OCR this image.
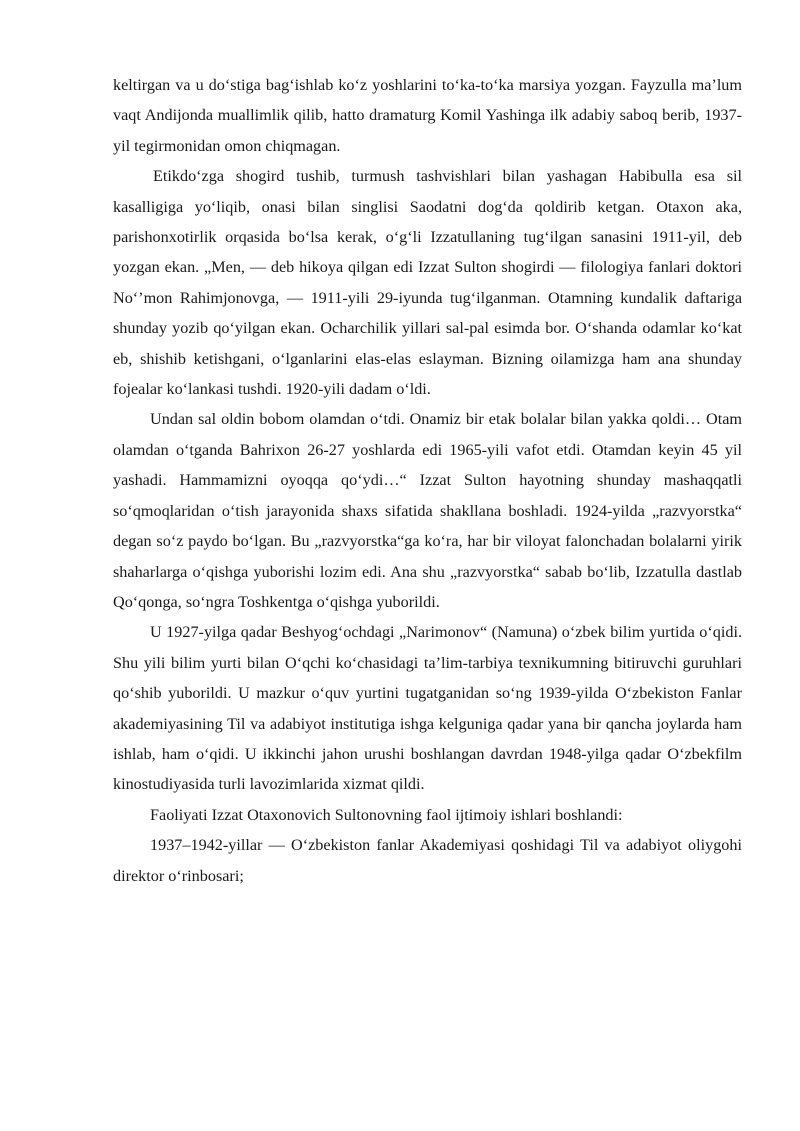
keltirgan va u do‘stiga bag‘ishlab ko‘z yoshlarini to‘ka-to‘ka marsiya yozgan. Fayzulla ma’lum vaqt Andijonda muallimlik qilib, hatto dramaturg Komil Yashinga ilk adabiy saboq berib, 1937-yil tegirmonidan omon chiqmagan.

Etikdo‘zga shogird tushib, turmush tashvishlari bilan yashagan Habibulla esa sil kasalligiga yo‘liqib, onasi bilan singlisi Saodatni dog‘da qoldirib ketgan. Otaxon aka, parishonxotirlik orqasida bo‘lsa kerak, o‘g‘li Izzatullaning tug‘ilgan sanasini 1911-yil, deb yozgan ekan. „Men, — deb hikoya qilgan edi Izzat Sulton shogirdi — filologiya fanlari doktori No‘’mon Rahimjonovga, — 1911-yili 29-iyunda tug‘ilganman. Otamning kundalik daftariga shunday yozib qo‘yilgan ekan. Ocharchilik yillari sal-pal esimda bor. O‘shanda odamlar ko‘kat eb, shishib ketishgani, o‘lganlarini elas-elas eslayman. Bizning oilamizga ham ana shunday fojealar ko‘lankasi tushdi. 1920-yili dadam o‘ldi.

Undan sal oldin bobom olamdan o‘tdi. Onamiz bir etak bolalar bilan yakka qoldi… Otam olamdan o‘tganda Bahrixon 26-27 yoshlarda edi 1965-yili vafot etdi. Otamdan keyin 45 yil yashadi. Hammamizni oyoqqa qo‘ydi…“ Izzat Sulton hayotning shunday mashaqqatli so‘qmoqlaridan o‘tish jarayonida shaxs sifatida shakllana boshladi. 1924-yilda „razvyorstka“ degan so‘z paydo bo‘lgan. Bu „razvyorstka“ga ko‘ra, har bir viloyat falonchadan bolalarni yirik shaharlarga o‘qishga yuborishi lozim edi. Ana shu „razvyorstka“ sabab bo‘lib, Izzatulla dastlab Qo‘qonga, so‘ngra Toshkentga o‘qishga yuborildi.

U 1927-yilga qadar Beshyog‘ochdagi „Narimonov“ (Namuna) o‘zbek bilim yurtida o‘qidi. Shu yili bilim yurti bilan O‘qchi ko‘chasidagi ta’lim-tarbiya texnikumning bitiruvchi guruhlari qo‘shib yuborildi. U mazkur o‘quv yurtini tugatganidan so‘ng 1939-yilda O‘zbekiston Fanlar akademiyasining Til va adabiyot institutiga ishga kelguniga qadar yana bir qancha joylarda ham ishlab, ham o‘qidi. U ikkinchi jahon urushi boshlangan davrdan 1948-yilga qadar O‘zbekfilm kinostudiyasida turli lavozimlarida xizmat qildi.

Faoliyati Izzat Otaxonovich Sultonovning faol ijtimoiy ishlari boshlandi:

1937–1942-yillar — O‘zbekiston fanlar Akademiyasi qoshidagi Til va adabiyot oliygohi direktor o‘rinbosari;
